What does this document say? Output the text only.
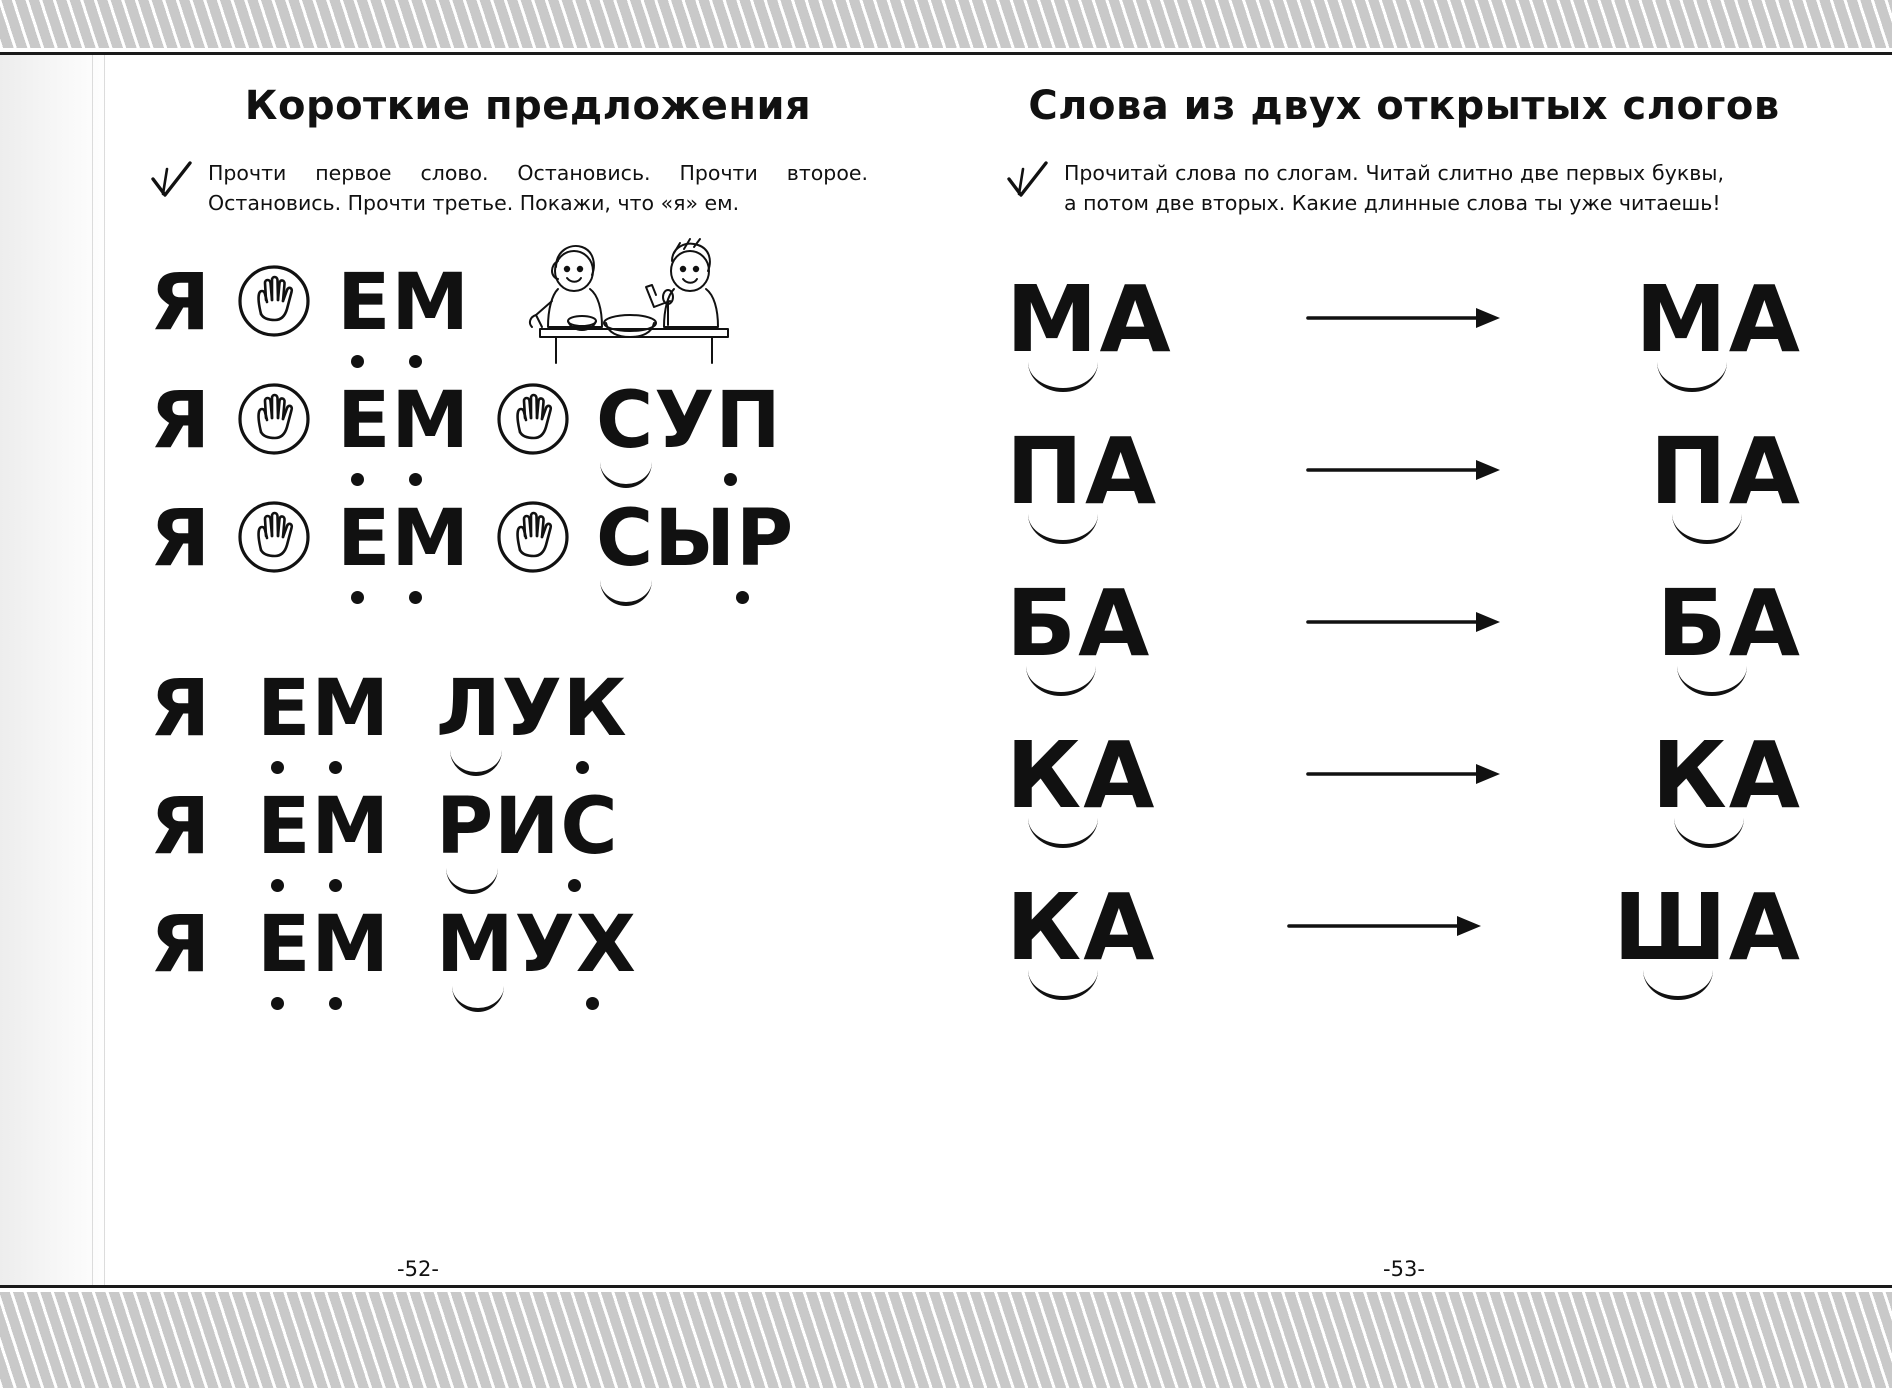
Короткие предложения
Прочти первое слово. Остановись. Прочти второе. Остановись. Прочти третье. Покажи, что «я» ем.
Я ЕМ
Я ЕМ СУП
Я ЕМ СЫР
Я ЕМ ЛУК
Я ЕМ РИС
Я ЕМ МУХ
-52-
Слова из двух открытых слогов
Прочитай слова по слогам. Читай слитно две первых буквы, а потом две вторых. Какие длинные слова ты уже читаешь!
МА	МА
ПА	ПА
БА	БА
КА	КА
КА	ША
-53-
